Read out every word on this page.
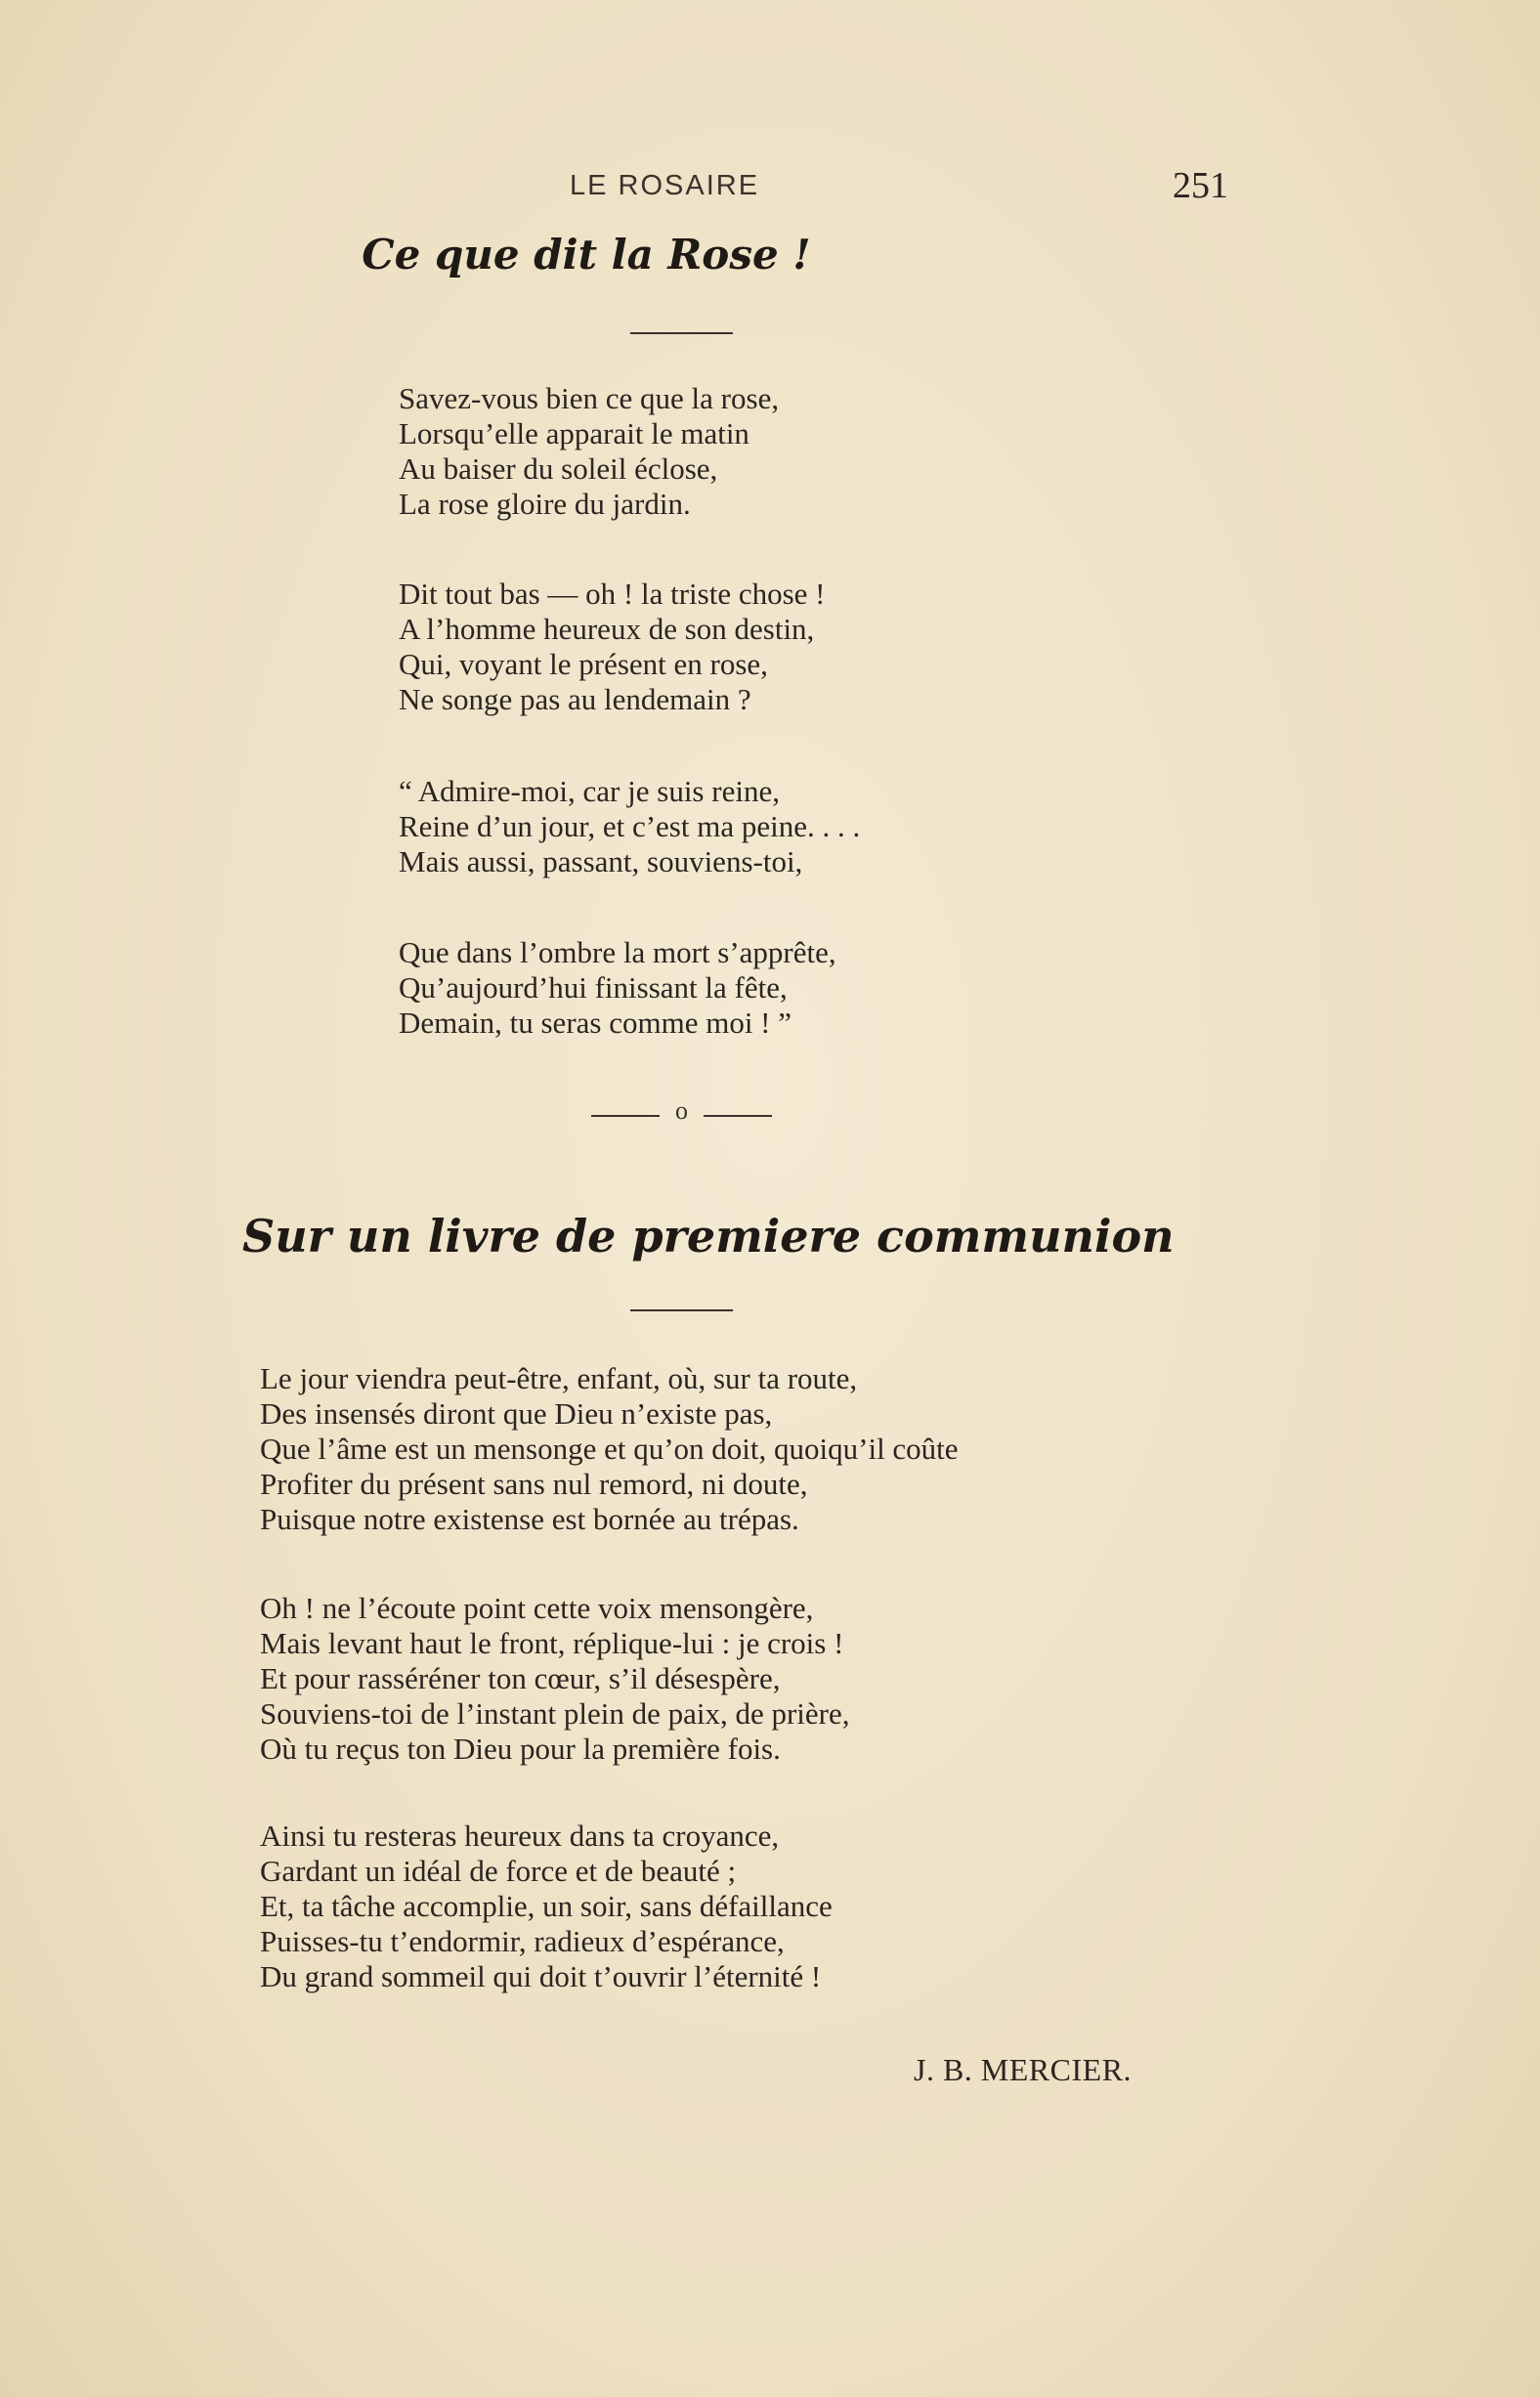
LE ROSAIRE	251
Ce que dit la Rose !
Savez-vous bien ce que la rose,
Lorsqu’elle apparait le matin
Au baiser du soleil éclose,
La rose gloire du jardin.
Dit tout bas — oh ! la triste chose !
A l’homme heureux de son destin,
Qui, voyant le présent en rose,
Ne songe pas au lendemain ?
“ Admire-moi, car je suis reine,
Reine d’un jour, et c’est ma peine. . . .
Mais aussi, passant, souviens-toi,
Que dans l’ombre la mort s’apprête,
Qu’aujourd’hui finissant la fête,
Demain, tu seras comme moi ! ”
o
Sur un livre de premiere communion
Le jour viendra peut-être, enfant, où, sur ta route,
Des insensés diront que Dieu n’existe pas,
Que l’âme est un mensonge et qu’on doit, quoiqu’il coûte
Profiter du présent sans nul remord, ni doute,
Puisque notre existense est bornée au trépas.
Oh ! ne l’écoute point cette voix mensongère,
Mais levant haut le front, réplique-lui : je crois !
Et pour rasséréner ton cœur, s’il désespère,
Souviens-toi de l’instant plein de paix, de prière,
Où tu reçus ton Dieu pour la première fois.
Ainsi tu resteras heureux dans ta croyance,
Gardant un idéal de force et de beauté ;
Et, ta tâche accomplie, un soir, sans défaillance
Puisses-tu t’endormir, radieux d’espérance,
Du grand sommeil qui doit t’ouvrir l’éternité !
J. B. MERCIER.
